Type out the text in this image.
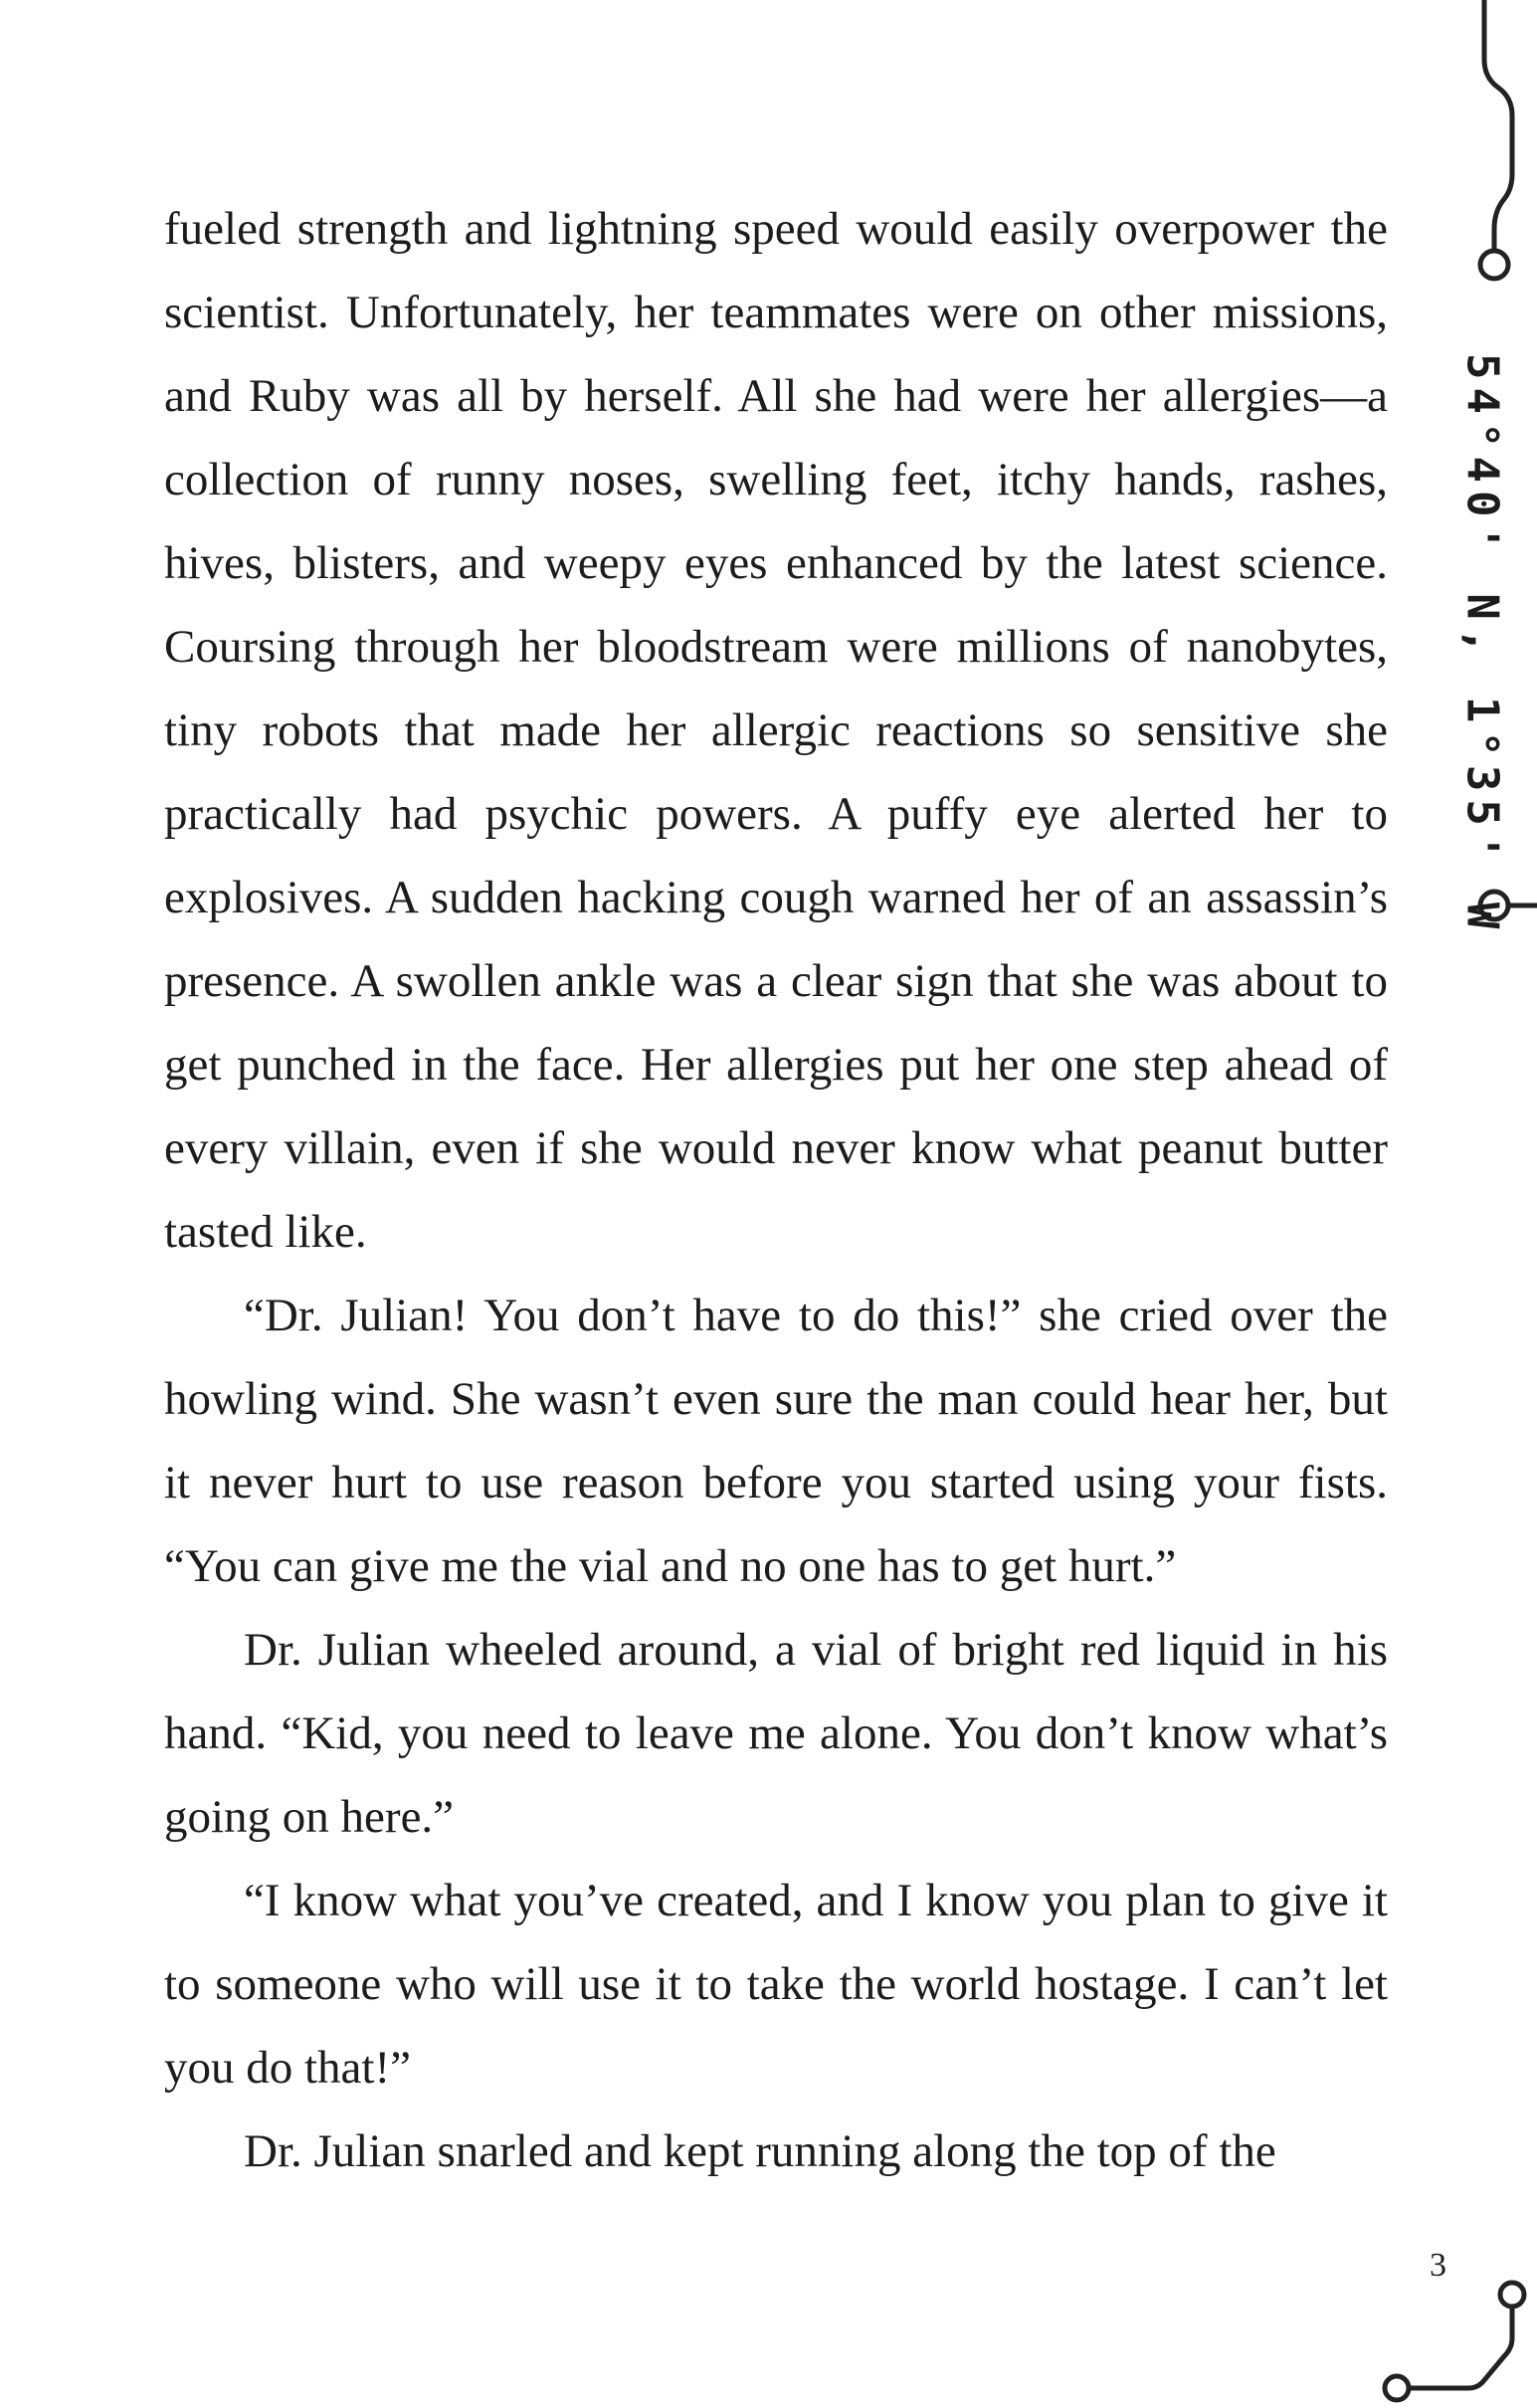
fueled strength and lightning speed would easily overpower the scientist. Unfortunately, her teammates were on other missions, and Ruby was all by herself. All she had were her allergies—a collection of runny noses, swelling feet, itchy hands, rashes, hives, blisters, and weepy eyes enhanced by the latest science. Coursing through her bloodstream were millions of nanobytes, tiny robots that made her allergic reactions so sensitive she practically had psychic powers. A puffy eye alerted her to explosives. A sudden hacking cough warned her of an assassin’s presence. A swollen ankle was a clear sign that she was about to get punched in the face. Her allergies put her one step ahead of every villain, even if she would never know what peanut butter tasted like.

“Dr. Julian! You don’t have to do this!” she cried over the howling wind. She wasn’t even sure the man could hear her, but it never hurt to use reason before you started using your fists. “You can give me the vial and no one has to get hurt.”

Dr. Julian wheeled around, a vial of bright red liquid in his hand. “Kid, you need to leave me alone. You don’t know what’s going on here.”

“I know what you’ve created, and I know you plan to give it to someone who will use it to take the world hostage. I can’t let you do that!”

Dr. Julian snarled and kept running along the top of the

54°40' N, 1°35' W
3
